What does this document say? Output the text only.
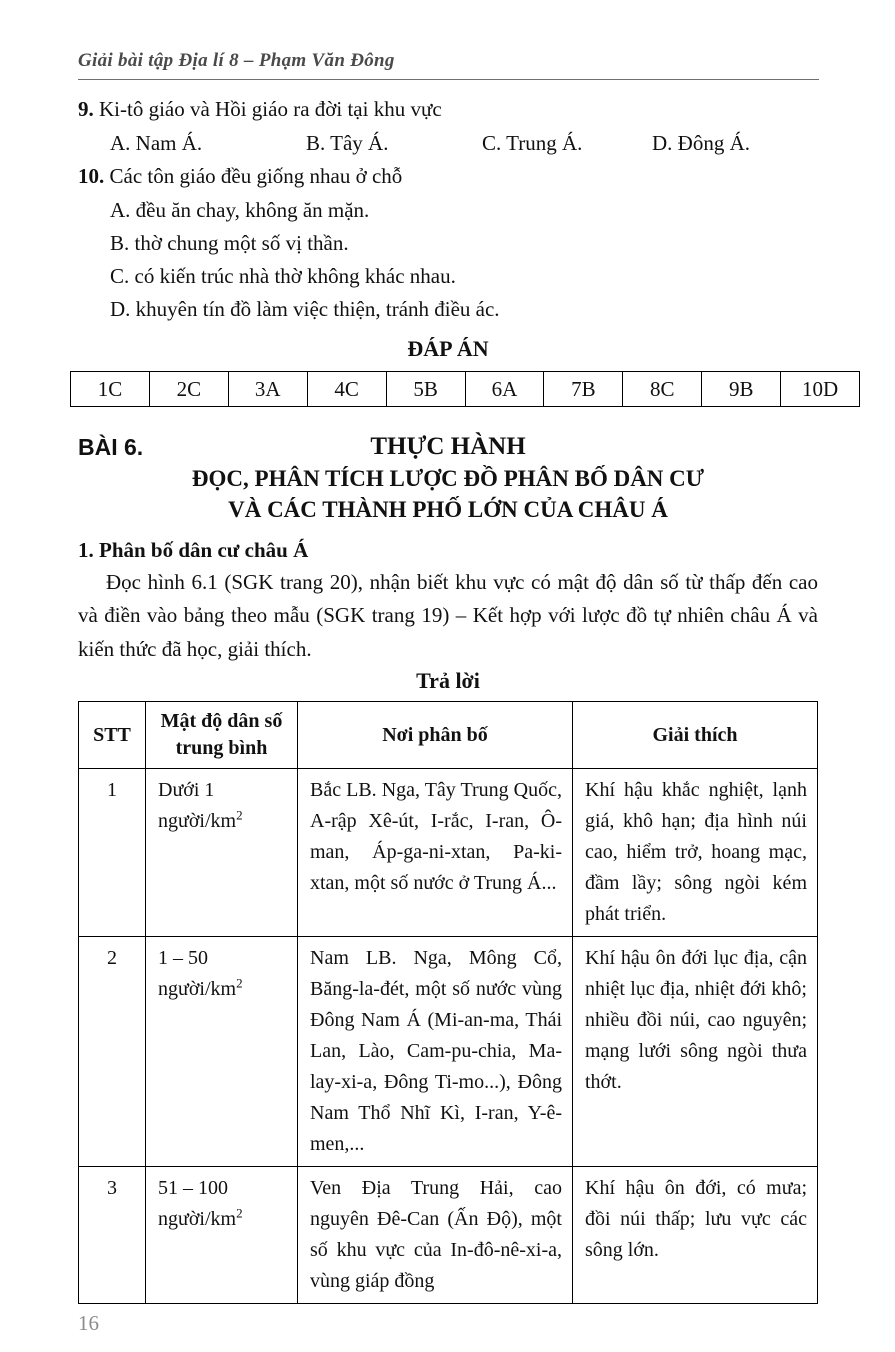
Giải bài tập Địa lí 8 – Phạm Văn Đông
9. Ki-tô giáo và Hồi giáo ra đời tại khu vực
A. Nam Á.	B. Tây Á.	C. Trung Á.	D. Đông Á.
10. Các tôn giáo đều giống nhau ở chỗ
A. đều ăn chay, không ăn mặn.
B. thờ chung một số vị thần.
C. có kiến trúc nhà thờ không khác nhau.
D. khuyên tín đồ làm việc thiện, tránh điều ác.
ĐÁP ÁN
1C	2C	3A	4C	5B	6A	7B	8C	9B	10D
BÀI 6.	THỰC HÀNH
ĐỌC, PHÂN TÍCH LƯỢC ĐỒ PHÂN BỐ DÂN CƯ
VÀ CÁC THÀNH PHỐ LỚN CỦA CHÂU Á
1. Phân bố dân cư châu Á

Đọc hình 6.1 (SGK trang 20), nhận biết khu vực có mật độ dân số từ thấp đến cao và điền vào bảng theo mẫu (SGK trang 19) – Kết hợp với lược đồ tự nhiên châu Á và kiến thức đã học, giải thích.

Trả lời
STT	Mật độ dân số trung bình	Nơi phân bố	Giải thích
1	Dưới 1
người/$km^2$	Bắc LB. Nga, Tây Trung Quốc, A-rập Xê-út, I-rắc, I-ran, Ô-man, Áp-ga-ni-xtan, Pa-ki-xtan, một số nước ở Trung Á...	Khí hậu khắc nghiệt, lạnh giá, khô hạn; địa hình núi cao, hiểm trở, hoang mạc, đầm lầy; sông ngòi kém phát triển.
2	1 – 50
người/$km^2$	Nam LB. Nga, Mông Cổ, Băng-la-đét, một số nước vùng Đông Nam Á (Mi-an-ma, Thái Lan, Lào, Cam-pu-chia, Ma-lay-xi-a, Đông Ti-mo...), Đông Nam Thổ Nhĩ Kì, I-ran, Y-ê-men,...	Khí hậu ôn đới lục địa, cận nhiệt lục địa, nhiệt đới khô; nhiều đồi núi, cao nguyên; mạng lưới sông ngòi thưa thớt.
3	51 – 100
người/$km^2$	Ven Địa Trung Hải, cao nguyên Đê-Can (Ấn Độ), một số khu vực của In-đô-nê-xi-a, vùng giáp đồng	Khí hậu ôn đới, có mưa; đồi núi thấp; lưu vực các sông lớn.
16
